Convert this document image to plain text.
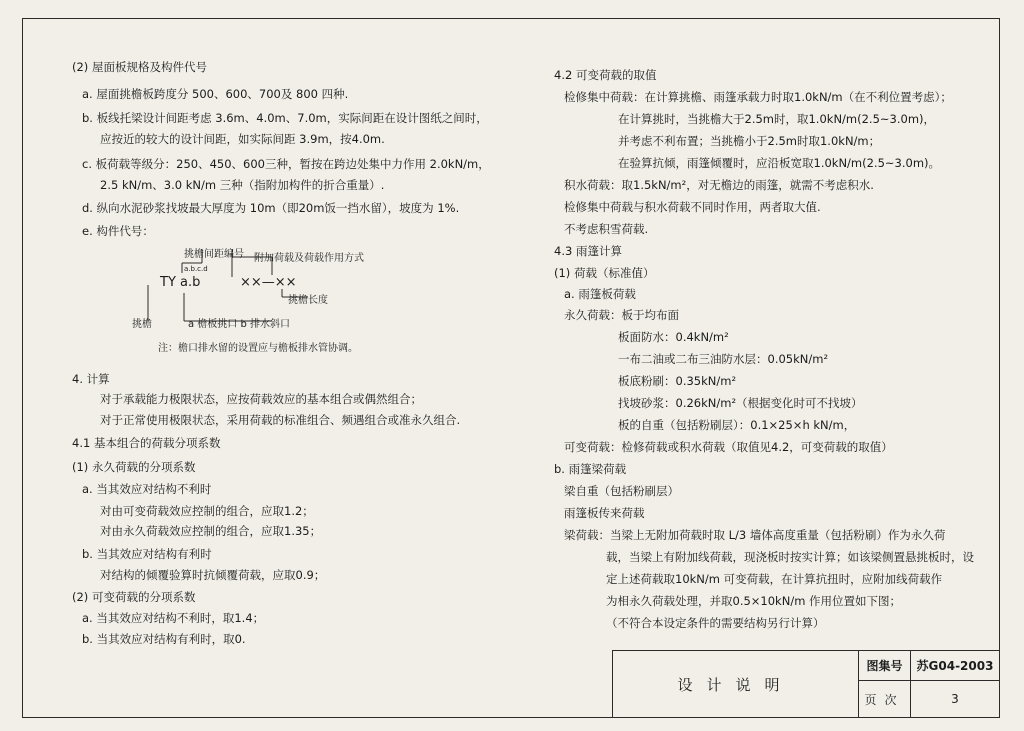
(2) 屋面板规格及构件代号
a. 屋面挑檐板跨度分 500、600、700及 800 四种.
b. 板线托梁设计间距考虑 3.6m、4.0m、7.0m，实际间距在设计图纸之间时，
应按近的较大的设计间距，如实际间距 3.9m，按4.0m.
c. 板荷载等级分：250、450、600三种，暂按在跨边处集中力作用 2.0kN/m，
2.5 kN/m、3.0 kN/m 三种（指附加构件的折合重量）.
d. 纵向水泥砂浆找坡最大厚度为 10m（即20m饭一挡水留），坡度为 1%.
e. 构件代号：
挑檐间距编号 附加荷载及荷载作用方式
a.b.c.d
TY a.b	××—××
挑檐长度
挑檐	a 檐板挑口 b 排水斜口
注：檐口排水留的设置应与檐板排水管协调。
4. 计算
对于承载能力极限状态，应按荷载效应的基本组合或偶然组合；
对于正常使用极限状态，采用荷载的标准组合、频遇组合或准永久组合.
4.1 基本组合的荷载分项系数
(1) 永久荷载的分项系数
a. 当其效应对结构不利时
对由可变荷载效应控制的组合，应取1.2；
对由永久荷载效应控制的组合，应取1.35；
b. 当其效应对结构有利时
对结构的倾覆验算时抗倾覆荷载，应取0.9；
(2) 可变荷载的分项系数
a. 当其效应对结构不利时，取1.4；
b. 当其效应对结构有利时，取0.
4.2 可变荷载的取值
检修集中荷载：在计算挑檐、雨篷承载力时取1.0kN/m（在不利位置考虑）；
在计算挑时，当挑檐大于2.5m时，取1.0kN/m(2.5~3.0m)，
并考虑不利布置；当挑檐小于2.5m时取1.0kN/m；
在验算抗倾，雨篷倾覆时，应沿板宽取1.0kN/m(2.5~3.0m)。
积水荷载：取1.5kN/m²，对无檐边的雨篷，就需不考虑积水.
检修集中荷载与积水荷载不同时作用，两者取大值.
不考虑积雪荷载.
4.3 雨篷计算
(1) 荷载（标准值）
a. 雨篷板荷载
永久荷载：板于均布面
板面防水：0.4kN/m²
一布二油或二布三油防水层：0.05kN/m²
板底粉刷：0.35kN/m²
找坡砂浆：0.26kN/m²（根据变化时可不找坡）
板的自重（包括粉刷层）：0.1×25×h kN/m，
可变荷载：检修荷载或积水荷载（取值见4.2，可变荷载的取值）
b. 雨篷梁荷载
梁自重（包括粉刷层）
雨篷板传来荷载
梁荷载：当梁上无附加荷载时取 L/3 墙体高度重量（包括粉刷）作为永久荷
载，当梁上有附加线荷载，现浇板时按实计算；如该梁侧置悬挑板时，设
定上述荷载取10kN/m 可变荷载，在计算抗扭时，应附加线荷载作
为相永久荷载处理，并取0.5×10kN/m 作用位置如下图；
（不符合本设定条件的需要结构另行计算）
设计说明
图集号	苏G04-2003
页次	3
